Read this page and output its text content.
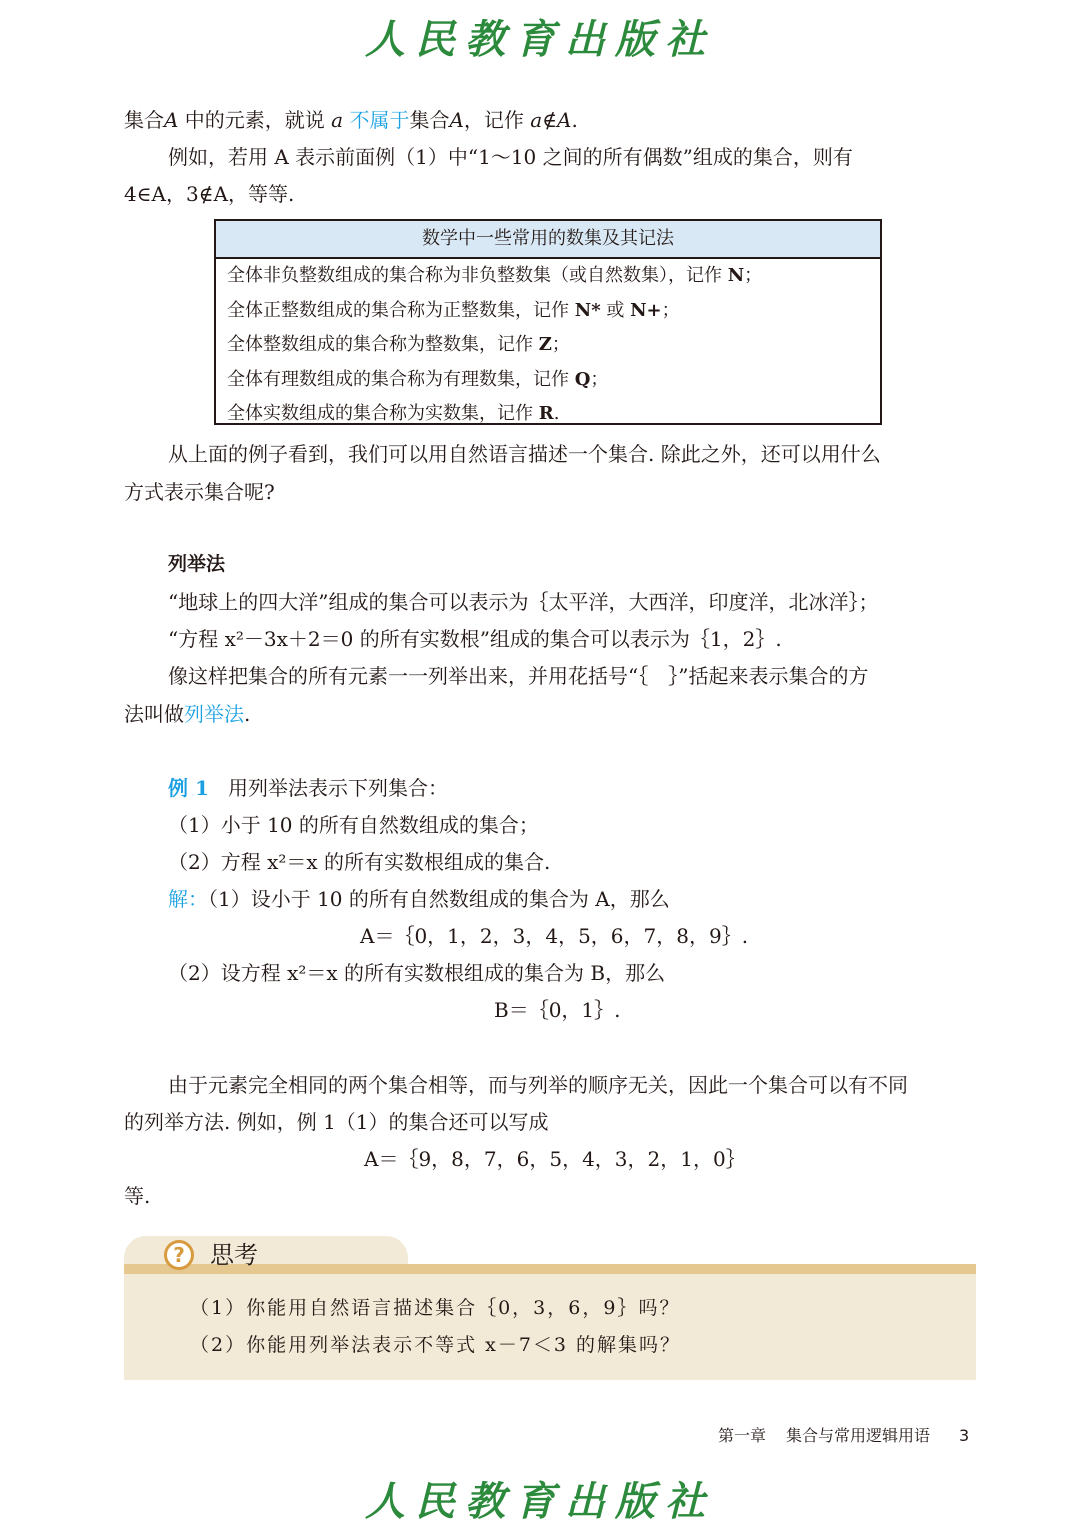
人民教育出版社
集合A 中的元素，就说 a 不属于集合A，记作 a∉A.
例如，若用 A 表示前面例（1）中“1～10 之间的所有偶数”组成的集合，则有
4∈A，3∉A，等等.
数学中一些常用的数集及其记法
全体非负整数组成的集合称为非负整数集（或自然数集），记作 N；
全体正整数组成的集合称为正整数集，记作 N* 或 N+；
全体整数组成的集合称为整数集，记作 Z；
全体有理数组成的集合称为有理数集，记作 Q；
全体实数组成的集合称为实数集，记作 R.
从上面的例子看到，我们可以用自然语言描述一个集合. 除此之外，还可以用什么
方式表示集合呢?
列举法
“地球上的四大洋”组成的集合可以表示为｛太平洋，大西洋，印度洋，北冰洋｝；
“方程 x²－3x＋2＝0 的所有实数根”组成的集合可以表示为｛1，2｝.
像这样把集合的所有元素一一列举出来，并用花括号“｛　｝”括起来表示集合的方
法叫做列举法.
例 1 用列举法表示下列集合：
（1）小于 10 的所有自然数组成的集合；
（2）方程 x²＝x 的所有实数根组成的集合.
解：（1）设小于 10 的所有自然数组成的集合为 A，那么
A＝｛0，1，2，3，4，5，6，7，8，9｝.
（2）设方程 x²＝x 的所有实数根组成的集合为 B，那么
B＝｛0，1｝.
由于元素完全相同的两个集合相等，而与列举的顺序无关，因此一个集合可以有不同
的列举方法. 例如，例 1（1）的集合还可以写成
A＝｛9，8，7，6，5，4，3，2，1，0｝
等.
?	思考
（1）你能用自然语言描述集合｛0，3，6，9｝吗？
（2）你能用列举法表示不等式 x－7＜3 的解集吗？
第一章 集合与常用逻辑用语 3
人民教育出版社
